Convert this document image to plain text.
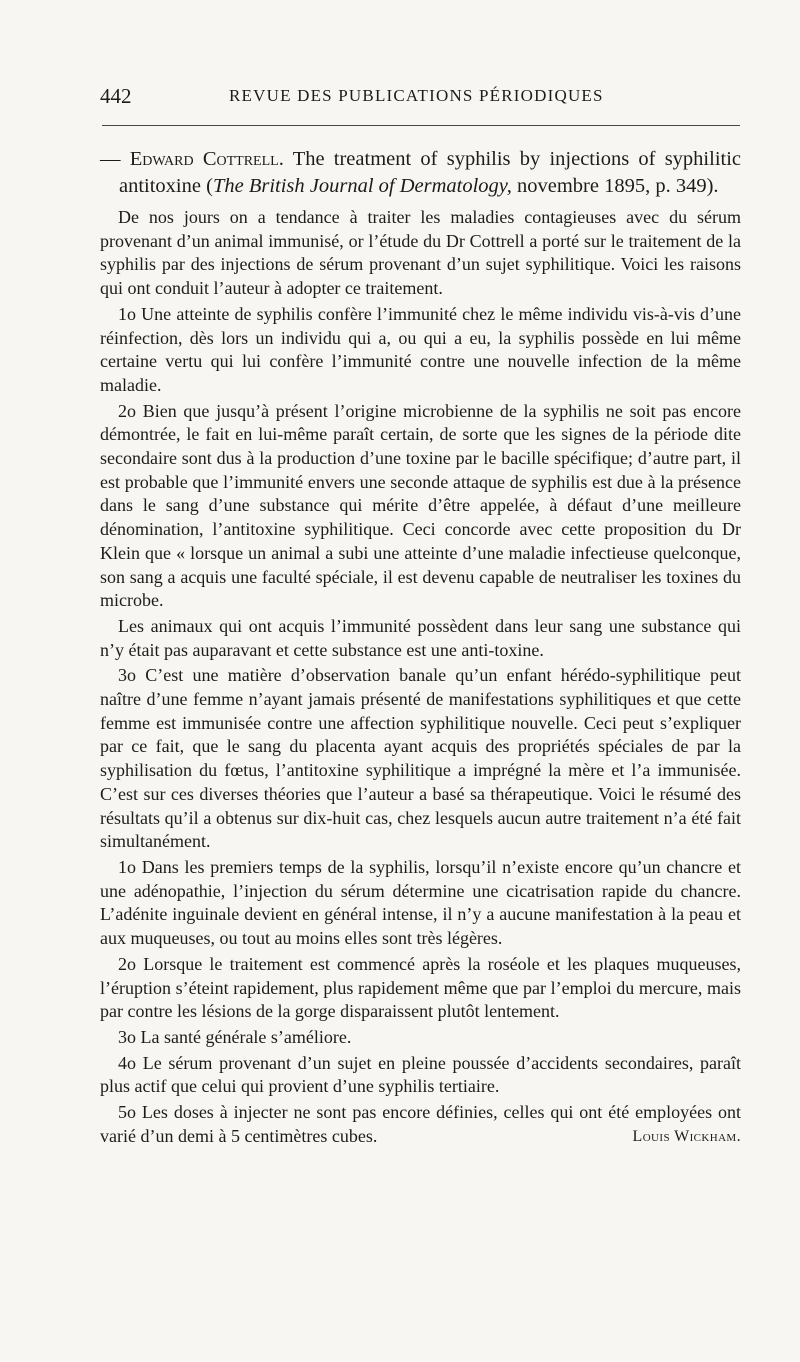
442	REVUE DES PUBLICATIONS PÉRIODIQUES

— Edward Cottrell. The treatment of syphilis by injections of syphilitic antitoxine (The British Journal of Dermatology, novembre 1895, p. 349).

De nos jours on a tendance à traiter les maladies contagieuses avec du sérum provenant d’un animal immunisé, or l’étude du Dr Cottrell a porté sur le traitement de la syphilis par des injections de sérum provenant d’un sujet syphilitique. Voici les raisons qui ont conduit l’auteur à adopter ce traitement.

1o Une atteinte de syphilis confère l’immunité chez le même individu vis-à-vis d’une réinfection, dès lors un individu qui a, ou qui a eu, la syphilis possède en lui même certaine vertu qui lui confère l’immunité contre une nouvelle infection de la même maladie.

2o Bien que jusqu’à présent l’origine microbienne de la syphilis ne soit pas encore démontrée, le fait en lui-même paraît certain, de sorte que les signes de la période dite secondaire sont dus à la production d’une toxine par le bacille spécifique; d’autre part, il est probable que l’immunité envers une seconde attaque de syphilis est due à la présence dans le sang d’une substance qui mérite d’être appelée, à défaut d’une meilleure dénomination, l’antitoxine syphilitique. Ceci concorde avec cette proposition du Dr Klein que « lorsque un animal a subi une atteinte d’une maladie infectieuse quelconque, son sang a acquis une faculté spéciale, il est devenu capable de neutraliser les toxines du microbe.

Les animaux qui ont acquis l’immunité possèdent dans leur sang une substance qui n’y était pas auparavant et cette substance est une anti-toxine.

3o C’est une matière d’observation banale qu’un enfant hérédo-syphilitique peut naître d’une femme n’ayant jamais présenté de manifestations syphilitiques et que cette femme est immunisée contre une affection syphilitique nouvelle. Ceci peut s’expliquer par ce fait, que le sang du placenta ayant acquis des propriétés spéciales de par la syphilisation du fœtus, l’antitoxine syphilitique a imprégné la mère et l’a immunisée. C’est sur ces diverses théories que l’auteur a basé sa thérapeutique. Voici le résumé des résultats qu’il a obtenus sur dix-huit cas, chez lesquels aucun autre traitement n’a été fait simultanément.

1o Dans les premiers temps de la syphilis, lorsqu’il n’existe encore qu’un chancre et une adénopathie, l’injection du sérum détermine une cicatrisation rapide du chancre. L’adénite inguinale devient en général intense, il n’y a aucune manifestation à la peau et aux muqueuses, ou tout au moins elles sont très légères.

2o Lorsque le traitement est commencé après la roséole et les plaques muqueuses, l’éruption s’éteint rapidement, plus rapidement même que par l’emploi du mercure, mais par contre les lésions de la gorge disparaissent plutôt lentement.

3o La santé générale s’améliore.

4o Le sérum provenant d’un sujet en pleine poussée d’accidents secondaires, paraît plus actif que celui qui provient d’une syphilis tertiaire.

5o Les doses à injecter ne sont pas encore définies, celles qui ont été employées ont varié d’un demi à 5 centimètres cubes.	Louis Wickham.
